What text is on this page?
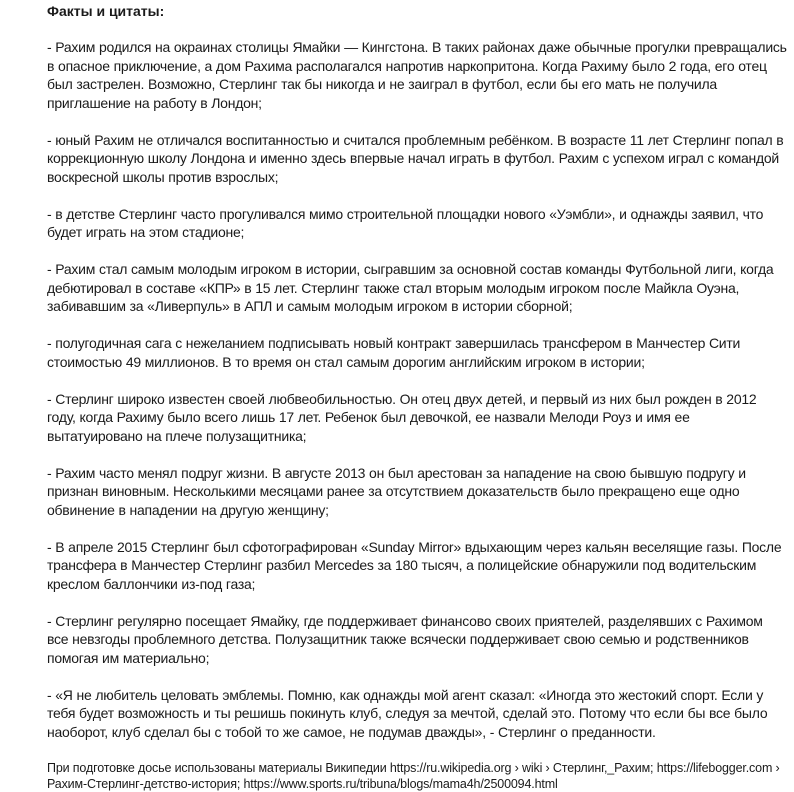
Факты и цитаты:
- Рахим родился на окраинах столицы Ямайки — Кингстона. В таких районах даже обычные прогулки превращались в опасное приключение, а дом Рахима располагался напротив наркопритона. Когда Рахиму было 2 года, его отец был застрелен. Возможно, Стерлинг так бы никогда и не заиграл в футбол, если бы его мать не получила приглашение на работу в Лондон;
- юный Рахим не отличался воспитанностью и считался проблемным ребёнком. В возрасте 11 лет Стерлинг попал в коррекционную школу Лондона и именно здесь впервые начал играть в футбол. Рахим с успехом играл с командой воскресной школы против взрослых;
- в детстве Стерлинг часто прогуливался мимо строительной площадки нового «Уэмбли», и однажды заявил, что будет играть на этом стадионе;
- Рахим стал самым молодым игроком в истории, сыгравшим за основной состав команды Футбольной лиги, когда дебютировал в составе «КПР» в 15 лет. Стерлинг также стал вторым молодым игроком после Майкла Оуэна, забивавшим за «Ливерпуль» в АПЛ и самым молодым игроком в истории сборной;
- полугодичная сага с нежеланием подписывать новый контракт завершилась трансфером в Манчестер Сити стоимостью 49 миллионов. В то время он стал самым дорогим английским игроком в истории;
- Стерлинг широко известен своей любвеобильностью. Он отец двух детей, и первый из них был рожден в 2012 году, когда Рахиму было всего лишь 17 лет. Ребенок был девочкой, ее назвали Мелоди Роуз и имя ее вытатуировано на плече полузащитника;
- Рахим часто менял подруг жизни. В августе 2013 он был арестован за нападение на свою бывшую подругу и признан виновным. Несколькими месяцами ранее за отсутствием доказательств было прекращено еще одно обвинение в нападении на другую женщину;
- В апреле 2015 Стерлинг был сфотографирован «Sunday Mirror» вдыхающим через кальян веселящие газы. После трансфера в Манчестер Стерлинг разбил Mercedes за 180 тысяч, а полицейские обнаружили под водительским креслом баллончики из-под газа;
- Стерлинг регулярно посещает Ямайку, где поддерживает финансово своих приятелей, разделявших с Рахимом все невзгоды проблемного детства. Полузащитник также всячески поддерживает свою семью и родственников помогая им материально;
- «Я не любитель целовать эмблемы. Помню, как однажды мой агент сказал: «Иногда это жестокий спорт. Если у тебя будет возможность и ты решишь покинуть клуб, следуя за мечтой, сделай это. Потому что если бы все было наоборот, клуб сделал бы с тобой то же самое, не подумав дважды», - Стерлинг о преданности.
При подготовке досье использованы материалы Википедии https://ru.wikipedia.org › wiki › Стерлинг,_Рахим; https://lifebogger.com › Рахим-Стерлинг-детство-история; https://www.sports.ru/tribuna/blogs/mama4h/2500094.html
